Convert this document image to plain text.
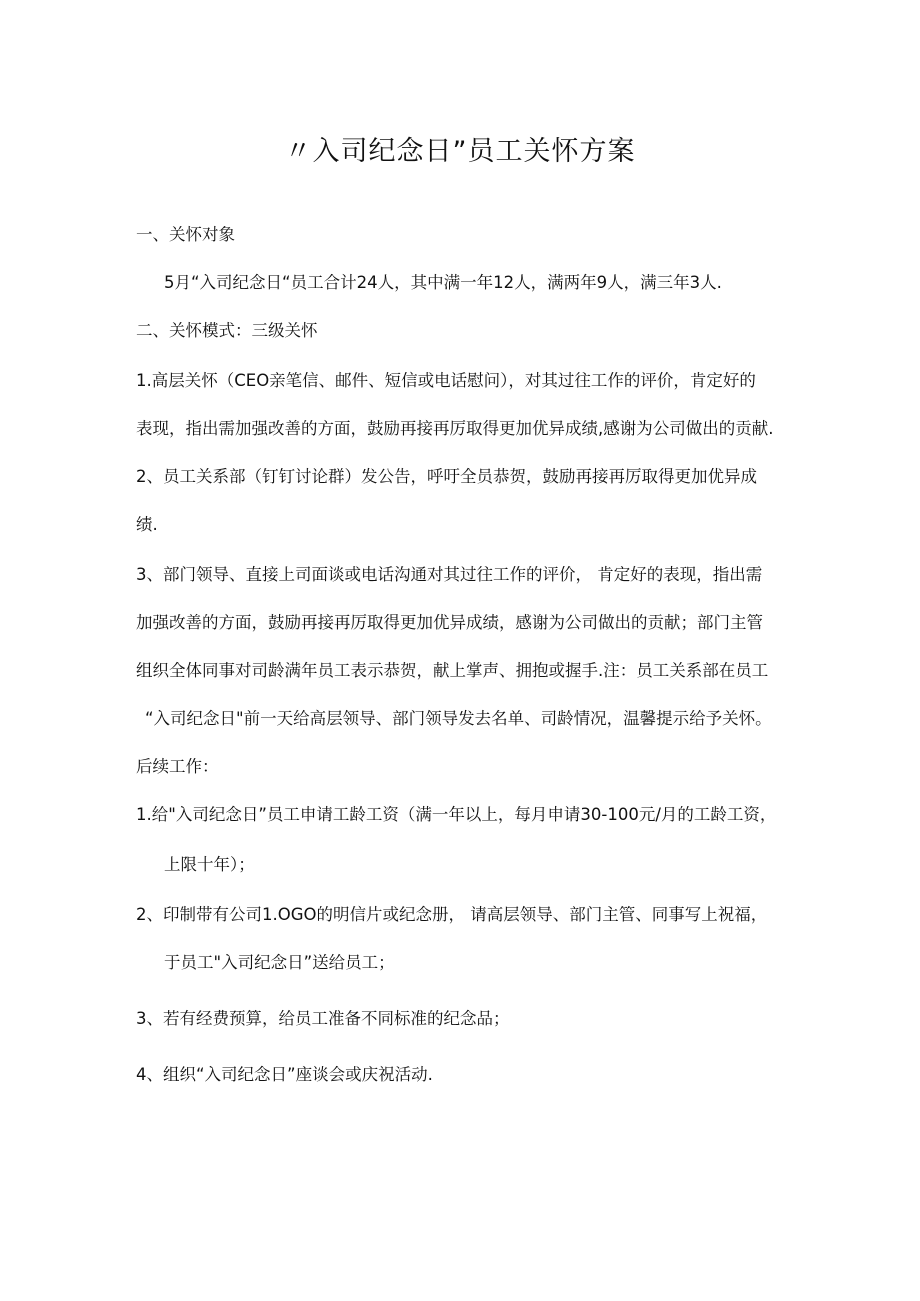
〃入司纪念日”员工关怀方案
一、关怀对象
5月“入司纪念日“员工合计24人，其中满一年12人，满两年9人，满三年3人.
二、关怀模式：三级关怀
1.高层关怀（CEO亲笔信、邮件、短信或电话慰问），对其过往工作的评价，肯定好的
表现，指出需加强改善的方面，鼓励再接再厉取得更加优异成绩,感谢为公司做出的贡献.
2、员工关系部（钉钉讨论群）发公告，呼吁全员恭贺，鼓励再接再厉取得更加优异成
绩.
3、部门领导、直接上司面谈或电话沟通对其过往工作的评价， 肯定好的表现，指出需
加强改善的方面，鼓励再接再厉取得更加优异成绩，感谢为公司做出的贡献；部门主管
组织全体同事对司龄满年员工表示恭贺，献上掌声、拥抱或握手.注：员工关系部在员工
“入司纪念日"前一天给高层领导、部门领导发去名单、司龄情况，温馨提示给予关怀。
后续工作：
1.给"入司纪念日”员工申请工龄工资（满一年以上，每月申请30-100元/月的工龄工资，
上限十年）；
2、印制带有公司1.OGO的明信片或纪念册， 请高层领导、部门主管、同事写上祝福，
于员工"入司纪念日”送给员工；
3、若有经费预算，给员工准备不同标准的纪念品；
4、组织“入司纪念日”座谈会或庆祝活动.
